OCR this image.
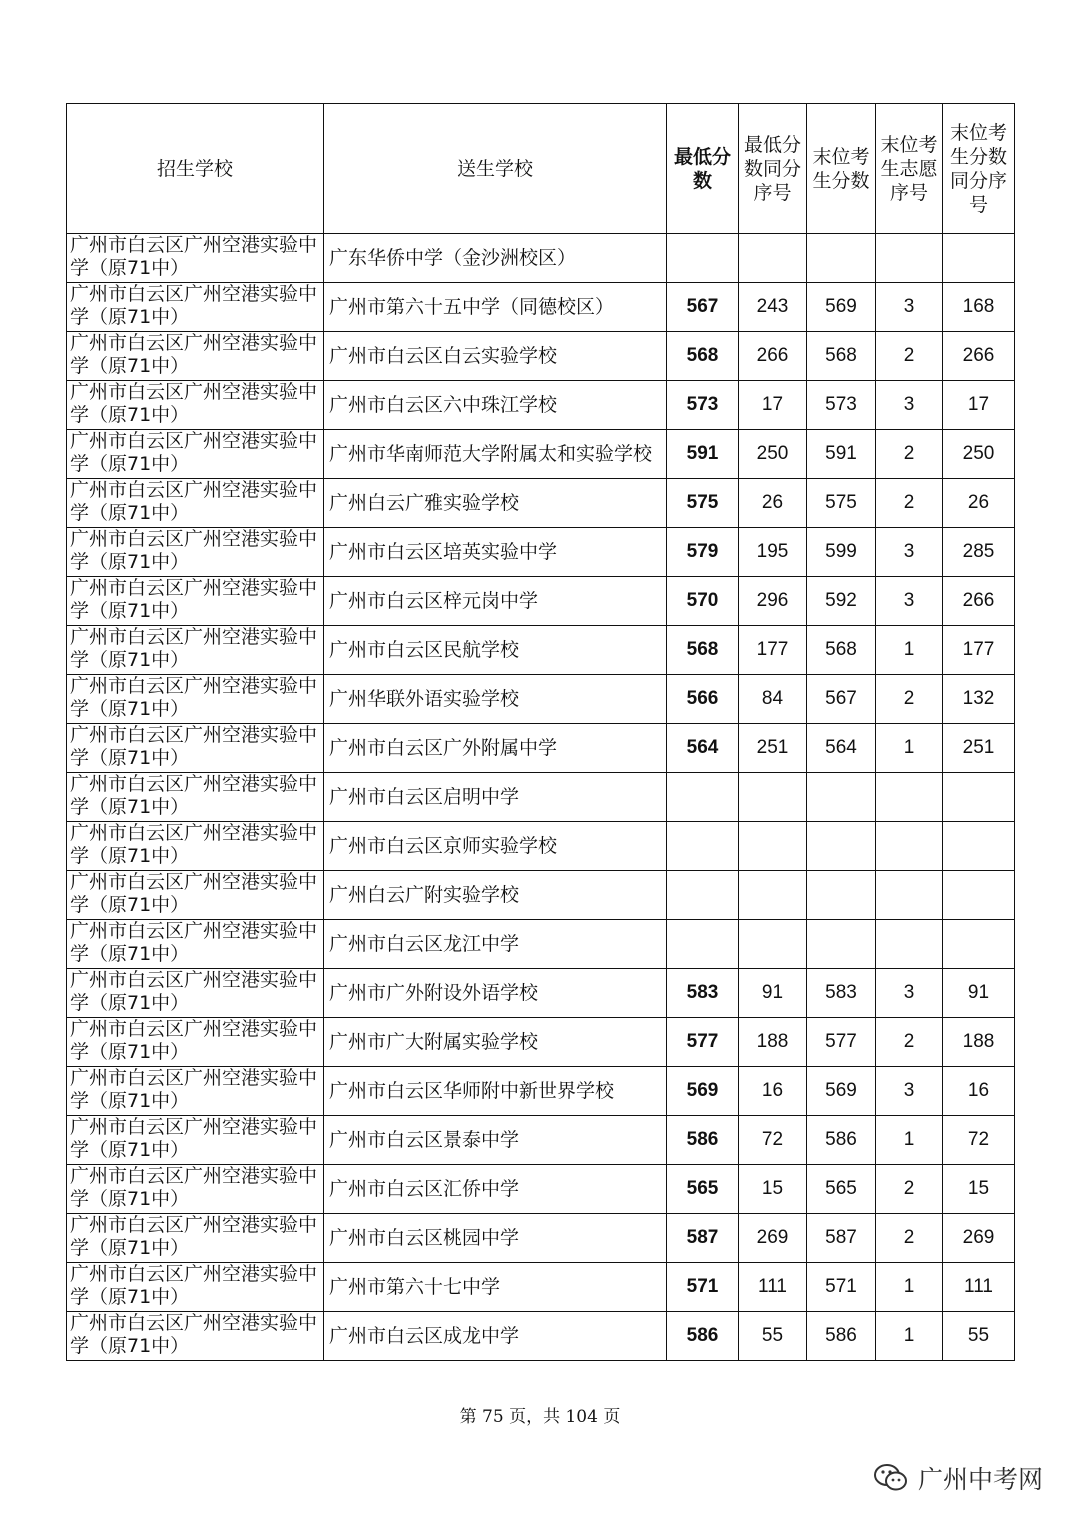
招生学校	送生学校	最低分数	最低分数同分序号	末位考生分数	末位考生志愿序号	末位考生分数同分序号
广州市白云区广州空港实验中学（原71中）	广东华侨中学（金沙洲校区）					
广州市白云区广州空港实验中学（原71中）	广州市第六十五中学（同德校区）	567	243	569	3	168
广州市白云区广州空港实验中学（原71中）	广州市白云区白云实验学校	568	266	568	2	266
广州市白云区广州空港实验中学（原71中）	广州市白云区六中珠江学校	573	17	573	3	17
广州市白云区广州空港实验中学（原71中）	广州市华南师范大学附属太和实验学校	591	250	591	2	250
广州市白云区广州空港实验中学（原71中）	广州白云广雅实验学校	575	26	575	2	26
广州市白云区广州空港实验中学（原71中）	广州市白云区培英实验中学	579	195	599	3	285
广州市白云区广州空港实验中学（原71中）	广州市白云区梓元岗中学	570	296	592	3	266
广州市白云区广州空港实验中学（原71中）	广州市白云区民航学校	568	177	568	1	177
广州市白云区广州空港实验中学（原71中）	广州华联外语实验学校	566	84	567	2	132
广州市白云区广州空港实验中学（原71中）	广州市白云区广外附属中学	564	251	564	1	251
广州市白云区广州空港实验中学（原71中）	广州市白云区启明中学					
广州市白云区广州空港实验中学（原71中）	广州市白云区京师实验学校					
广州市白云区广州空港实验中学（原71中）	广州白云广附实验学校					
广州市白云区广州空港实验中学（原71中）	广州市白云区龙江中学					
广州市白云区广州空港实验中学（原71中）	广州市广外附设外语学校	583	91	583	3	91
广州市白云区广州空港实验中学（原71中）	广州市广大附属实验学校	577	188	577	2	188
广州市白云区广州空港实验中学（原71中）	广州市白云区华师附中新世界学校	569	16	569	3	16
广州市白云区广州空港实验中学（原71中）	广州市白云区景泰中学	586	72	586	1	72
广州市白云区广州空港实验中学（原71中）	广州市白云区汇侨中学	565	15	565	2	15
广州市白云区广州空港实验中学（原71中）	广州市白云区桃园中学	587	269	587	2	269
广州市白云区广州空港实验中学（原71中）	广州市第六十七中学	571	111	571	1	111
广州市白云区广州空港实验中学（原71中）	广州市白云区成龙中学	586	55	586	1	55
第 75 页，共 104 页
广州中考网
